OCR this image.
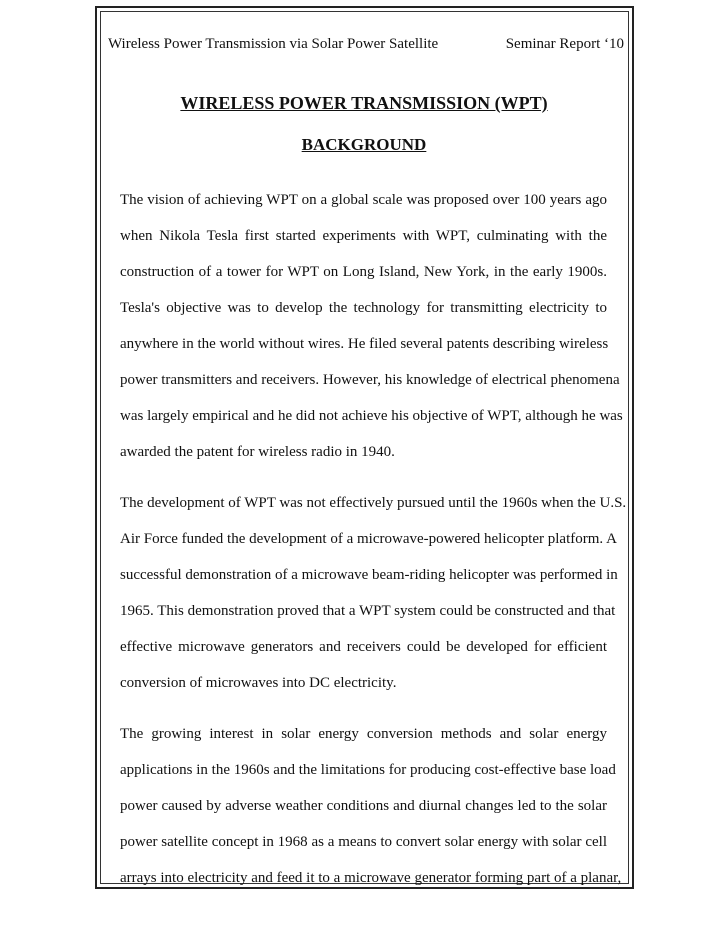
Wireless Power Transmission via Solar Power Satellite	Seminar Report ‘10
WIRELESS POWER TRANSMISSION (WPT)
BACKGROUND
The vision of achieving WPT on a global scale was proposed over 100 years ago
when Nikola Tesla first started experiments with WPT, culminating with the
construction of a tower for WPT on Long Island, New York, in the early 1900s.
Tesla's objective was to develop the technology for transmitting electricity to
anywhere in the world without wires. He filed several patents describing wireless
power transmitters and receivers. However, his knowledge of electrical phenomena
was largely empirical and he did not achieve his objective of WPT, although he was
awarded the patent for wireless radio in 1940.
The development of WPT was not effectively pursued until the 1960s when the U.S.
Air Force funded the development of a microwave-powered helicopter platform. A
successful demonstration of a microwave beam-riding helicopter was performed in
1965. This demonstration proved that a WPT system could be constructed and that
effective microwave generators and receivers could be developed for efficient
conversion of microwaves into DC electricity.
The growing interest in solar energy conversion methods and solar energy
applications in the 1960s and the limitations for producing cost-effective base load
power caused by adverse weather conditions and diurnal changes led to the solar
power satellite concept in 1968 as a means to convert solar energy with solar cell
arrays into electricity and feed it to a microwave generator forming part of a planar,
